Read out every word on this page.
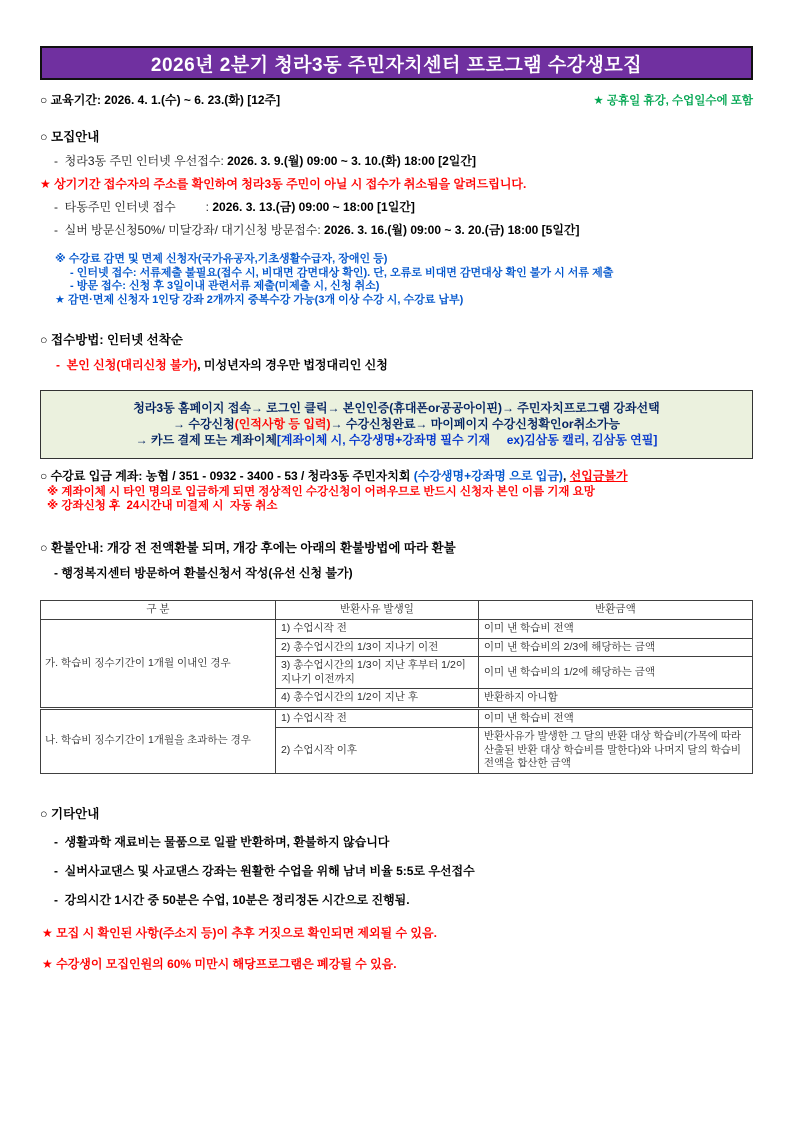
2026년 2분기 청라3동 주민자치센터 프로그램 수강생모집
○ 교육기간: 2026. 4. 1.(수) ~ 6. 23.(화) [12주]	★ 공휴일 휴강, 수업일수에 포함
○ 모집안내
-  청라3동 주민 인터넷 우선접수: 2026. 3. 9.(월) 09:00 ~ 3. 10.(화) 18:00 [2일간]
★ 상기기간 접수자의 주소를 확인하여 청라3동 주민이 아닐 시 접수가 취소됨을 알려드립니다.
-  타동주민 인터넷 접수         : 2026. 3. 13.(금) 09:00 ~ 18:00 [1일간]
-  실버 방문신청50%/ 미달강좌/ 대기신청 방문접수: 2026. 3. 16.(월) 09:00 ~ 3. 20.(금) 18:00 [5일간]
※ 수강료 감면 및 면제 신청자(국가유공자,기초생활수급자, 장애인 등)
- 인터넷 접수: 서류제출 불필요(접수 시, 비대면 감면대상 확인). 단, 오류로 비대면 감면대상 확인 불가 시 서류 제출
- 방문 접수: 신청 후 3일이내 관련서류 제출(미제출 시, 신청 취소)
★ 감면·면제 신청자 1인당 강좌 2개까지 중복수강 가능(3개 이상 수강 시, 수강료 납부)
○ 접수방법: 인터넷 선착순
-  본인 신청(대리신청 불가), 미성년자의 경우만 법정대리인 신청
청라3동 홈페이지 접속→ 로그인 클릭→ 본인인증(휴대폰or공공아이핀)→ 주민자치프로그램 강좌선택
→ 수강신청(인적사항 등 입력)→ 수강신청완료→ 마이페이지 수강신청확인or취소가능
→ 카드 결제 또는 계좌이체[계좌이체 시, 수강생명+강좌명 필수 기재     ex)김삼동 캘리, 김삼동 연필]
○ 수강료 입금 계좌: 농협 / 351 - 0932 - 3400 - 53 / 청라3동 주민자치회 (수강생명+강좌명 으로 입금), 선입금불가
※ 계좌이체 시 타인 명의로 입금하게 되면 정상적인 수강신청이 어려우므로 반드시 신청자 본인 이름 기재 요망
※ 강좌신청 후  24시간내 미결제 시  자동 취소
○ 환불안내: 개강 전 전액환불 되며, 개강 후에는 아래의 환불방법에 따라 환불
- 행정복지센터 방문하여 환불신청서 작성(유선 신청 불가)
구 분	반환사유 발생일	반환금액
가. 학습비 징수기간이 1개월 이내인 경우	1) 수업시작 전	이미 낸 학습비 전액
	2) 총수업시간의 1/3이 지나기 이전	이미 낸 학습비의 2/3에 해당하는 금액
	3) 총수업시간의 1/3이 지난 후부터 1/2이 지나기 이전까지	이미 낸 학습비의 1/2에 해당하는 금액
	4) 총수업시간의 1/2이 지난 후	반환하지 아니함
나. 학습비 징수기간이 1개월을 초과하는 경우	1) 수업시작 전	이미 낸 학습비 전액
	2) 수업시작 이후	반환사유가 발생한 그 달의 반환 대상 학습비(가목에 따라 산출된 반환 대상 학습비를 말한다)와 나머지 달의 학습비 전액을 합산한 금액
○ 기타안내
-  생활과학 재료비는 물품으로 일괄 반환하며, 환불하지 않습니다
-  실버사교댄스 및 사교댄스 강좌는 원활한 수업을 위해 남녀 비율 5:5로 우선접수
-  강의시간 1시간 중 50분은 수업, 10분은 정리정돈 시간으로 진행됨.
★ 모집 시 확인된 사항(주소지 등)이 추후 거짓으로 확인되면 제외될 수 있음.
★ 수강생이 모집인원의 60% 미만시 해당프로그램은 폐강될 수 있음.
